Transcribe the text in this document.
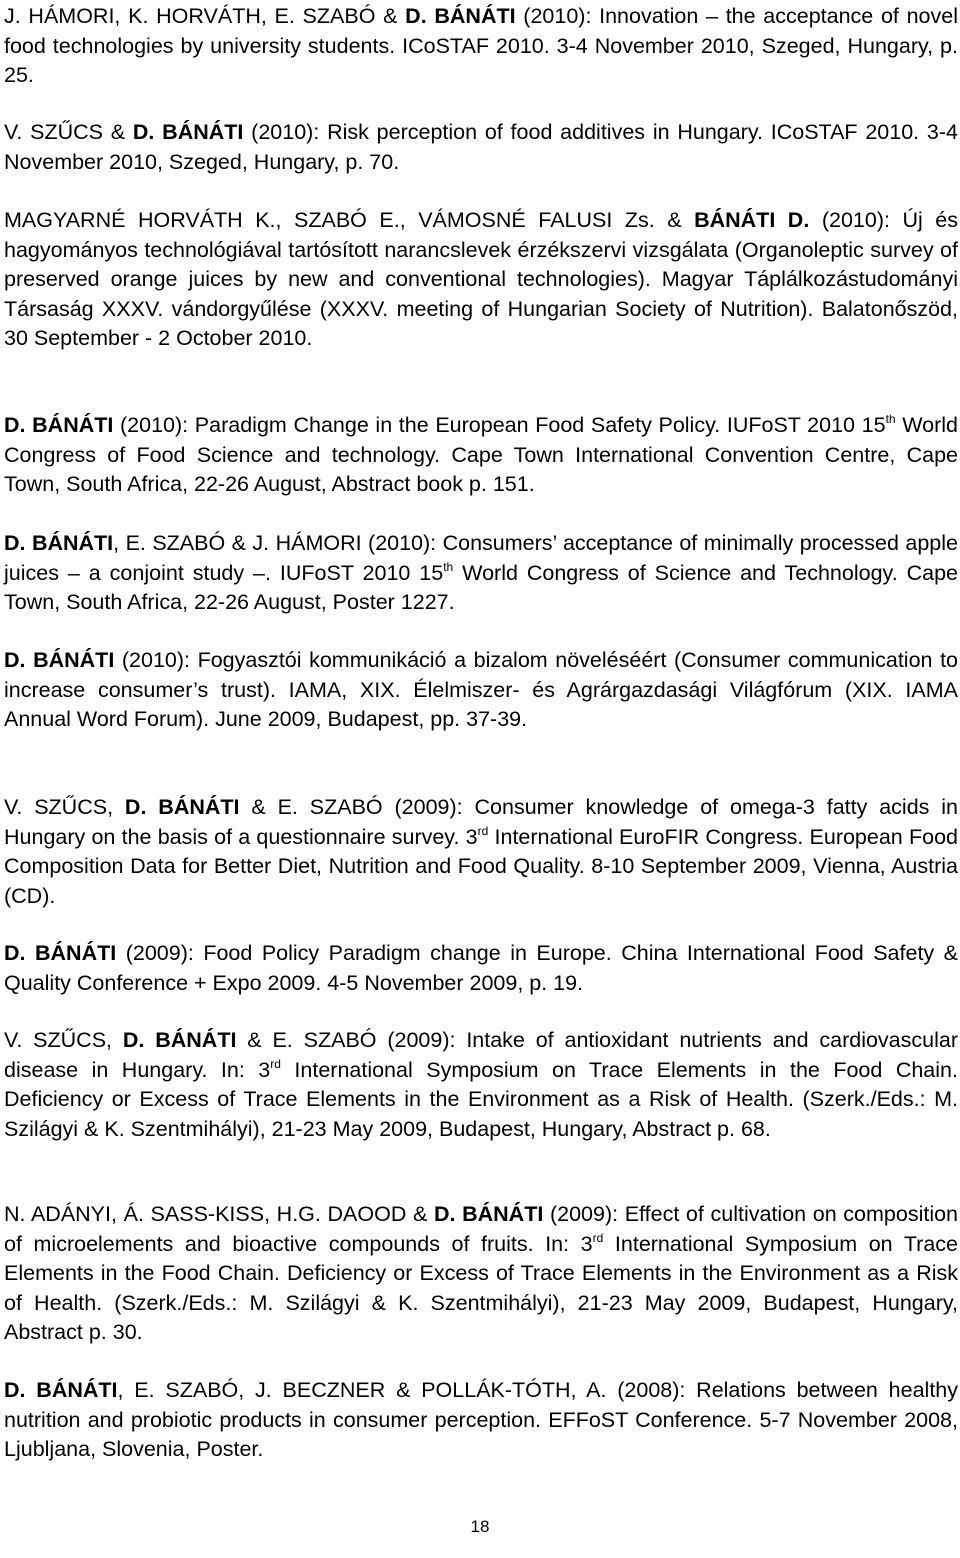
J. HÁMORI, K. HORVÁTH, E. SZABÓ & D. BÁNÁTI (2010): Innovation – the acceptance of novel food technologies by university students. ICoSTAF 2010. 3-4 November 2010, Szeged, Hungary, p. 25.

V. SZŰCS & D. BÁNÁTI (2010): Risk perception of food additives in Hungary. ICoSTAF 2010. 3-4 November 2010, Szeged, Hungary, p. 70.

MAGYARNÉ HORVÁTH K., SZABÓ E., VÁMOSNÉ FALUSI Zs. & BÁNÁTI D. (2010): Új és hagyományos technológiával tartósított narancslevek érzékszervi vizsgálata (Organoleptic survey of preserved orange juices by new and conventional technologies). Magyar Táplálkozástudományi Társaság XXXV. vándorgyűlése (XXXV. meeting of Hungarian Society of Nutrition). Balatonőszöd, 30 September - 2 October 2010.

D. BÁNÁTI (2010): Paradigm Change in the European Food Safety Policy. IUFoST 2010 15th World Congress of Food Science and technology. Cape Town International Convention Centre, Cape Town, South Africa, 22-26 August, Abstract book p. 151.

D. BÁNÁTI, E. SZABÓ & J. HÁMORI (2010): Consumers’ acceptance of minimally processed apple juices – a conjoint study –. IUFoST 2010 15th World Congress of Science and Technology. Cape Town, South Africa, 22-26 August, Poster 1227.

D. BÁNÁTI (2010): Fogyasztói kommunikáció a bizalom növeléséért (Consumer communication to increase consumer’s trust). IAMA, XIX. Élelmiszer- és Agrárgazdasági Világfórum (XIX. IAMA Annual Word Forum). June 2009, Budapest, pp. 37-39.

V. SZŰCS, D. BÁNÁTI & E. SZABÓ (2009): Consumer knowledge of omega-3 fatty acids in Hungary on the basis of a questionnaire survey. 3rd International EuroFIR Congress. European Food Composition Data for Better Diet, Nutrition and Food Quality. 8-10 September 2009, Vienna, Austria (CD).

D. BÁNÁTI (2009): Food Policy Paradigm change in Europe. China International Food Safety & Quality Conference + Expo 2009. 4-5 November 2009, p. 19.

V. SZŰCS, D. BÁNÁTI & E. SZABÓ (2009): Intake of antioxidant nutrients and cardiovascular disease in Hungary. In: 3rd International Symposium on Trace Elements in the Food Chain. Deficiency or Excess of Trace Elements in the Environment as a Risk of Health. (Szerk./Eds.: M. Szilágyi & K. Szentmihályi), 21-23 May 2009, Budapest, Hungary, Abstract p. 68.

N. ADÁNYI, Á. SASS-KISS, H.G. DAOOD & D. BÁNÁTI (2009): Effect of cultivation on composition of microelements and bioactive compounds of fruits. In: 3rd International Symposium on Trace Elements in the Food Chain. Deficiency or Excess of Trace Elements in the Environment as a Risk of Health. (Szerk./Eds.: M. Szilágyi & K. Szentmihályi), 21-23 May 2009, Budapest, Hungary, Abstract p. 30.

D. BÁNÁTI, E. SZABÓ, J. BECZNER & POLLÁK-TÓTH, A. (2008): Relations between healthy nutrition and probiotic products in consumer perception. EFFoST Conference. 5-7 November 2008, Ljubljana, Slovenia, Poster.

18
